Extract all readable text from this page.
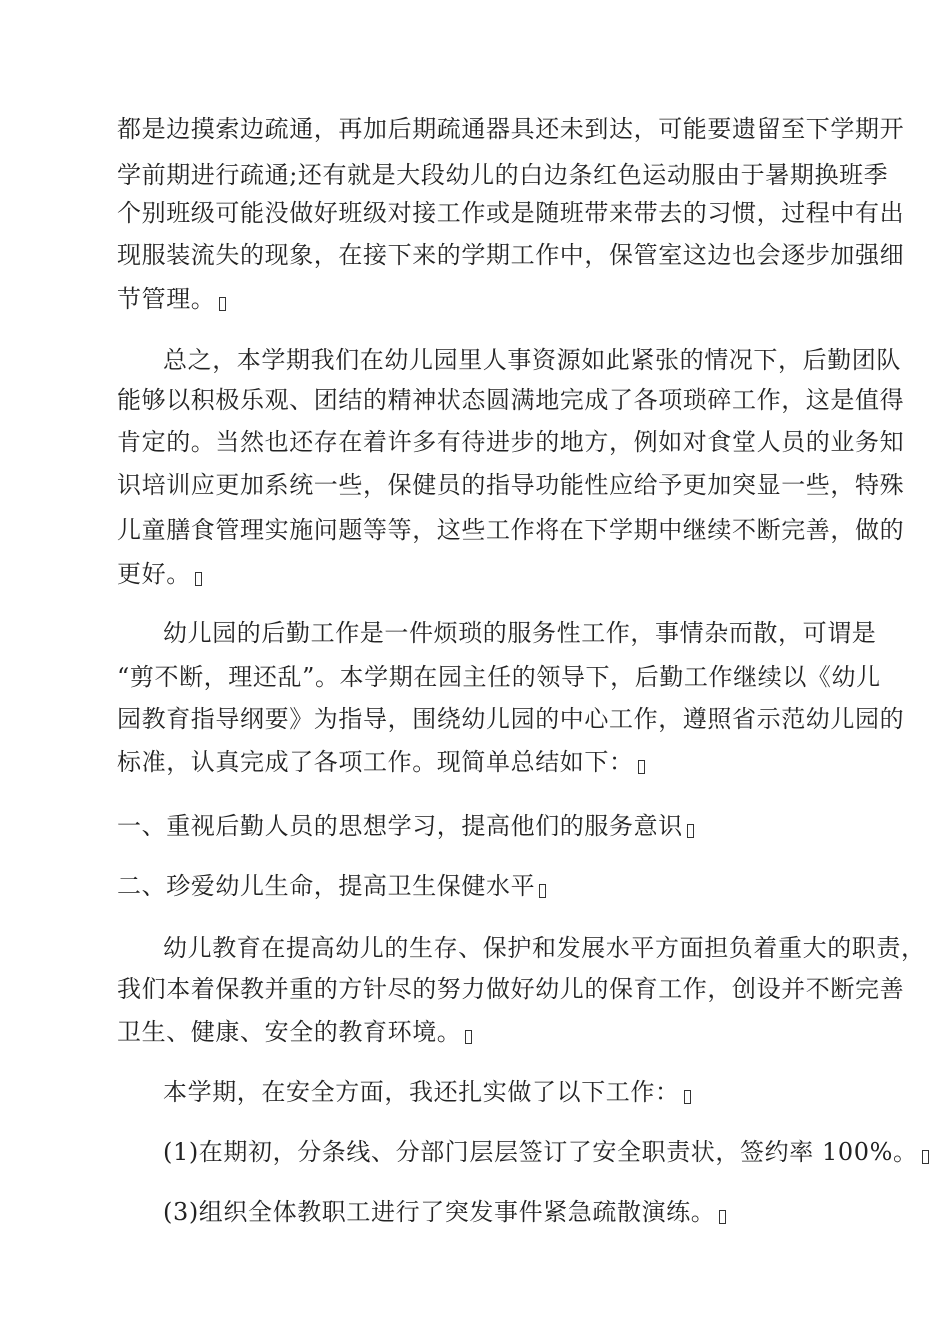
都是边摸索边疏通，再加后期疏通器具还未到达，可能要遗留至下学期开
学前期进行疏通;还有就是大段幼儿的白边条红色运动服由于暑期换班季
个别班级可能没做好班级对接工作或是随班带来带去的习惯，过程中有出
现服装流失的现象，在接下来的学期工作中，保管室这边也会逐步加强细
节管理。
总之，本学期我们在幼儿园里人事资源如此紧张的情况下，后勤团队
能够以积极乐观、团结的精神状态圆满地完成了各项琐碎工作，这是值得
肯定的。当然也还存在着许多有待进步的地方，例如对食堂人员的业务知
识培训应更加系统一些，保健员的指导功能性应给予更加突显一些，特殊
儿童膳食管理实施问题等等，这些工作将在下学期中继续不断完善，做的
更好。
幼儿园的后勤工作是一件烦琐的服务性工作，事情杂而散，可谓是
“剪不断，理还乱”。本学期在园主任的领导下，后勤工作继续以《幼儿
园教育指导纲要》为指导，围绕幼儿园的中心工作，遵照省示范幼儿园的
标准，认真完成了各项工作。现简单总结如下：
一、重视后勤人员的思想学习，提高他们的服务意识
二、珍爱幼儿生命，提高卫生保健水平
幼儿教育在提高幼儿的生存、保护和发展水平方面担负着重大的职责，
我们本着保教并重的方针尽的努力做好幼儿的保育工作，创设并不断完善
卫生、健康、安全的教育环境。
本学期，在安全方面，我还扎实做了以下工作：
(1)在期初，分条线、分部门层层签订了安全职责状，签约率 100%。
(3)组织全体教职工进行了突发事件紧急疏散演练。
